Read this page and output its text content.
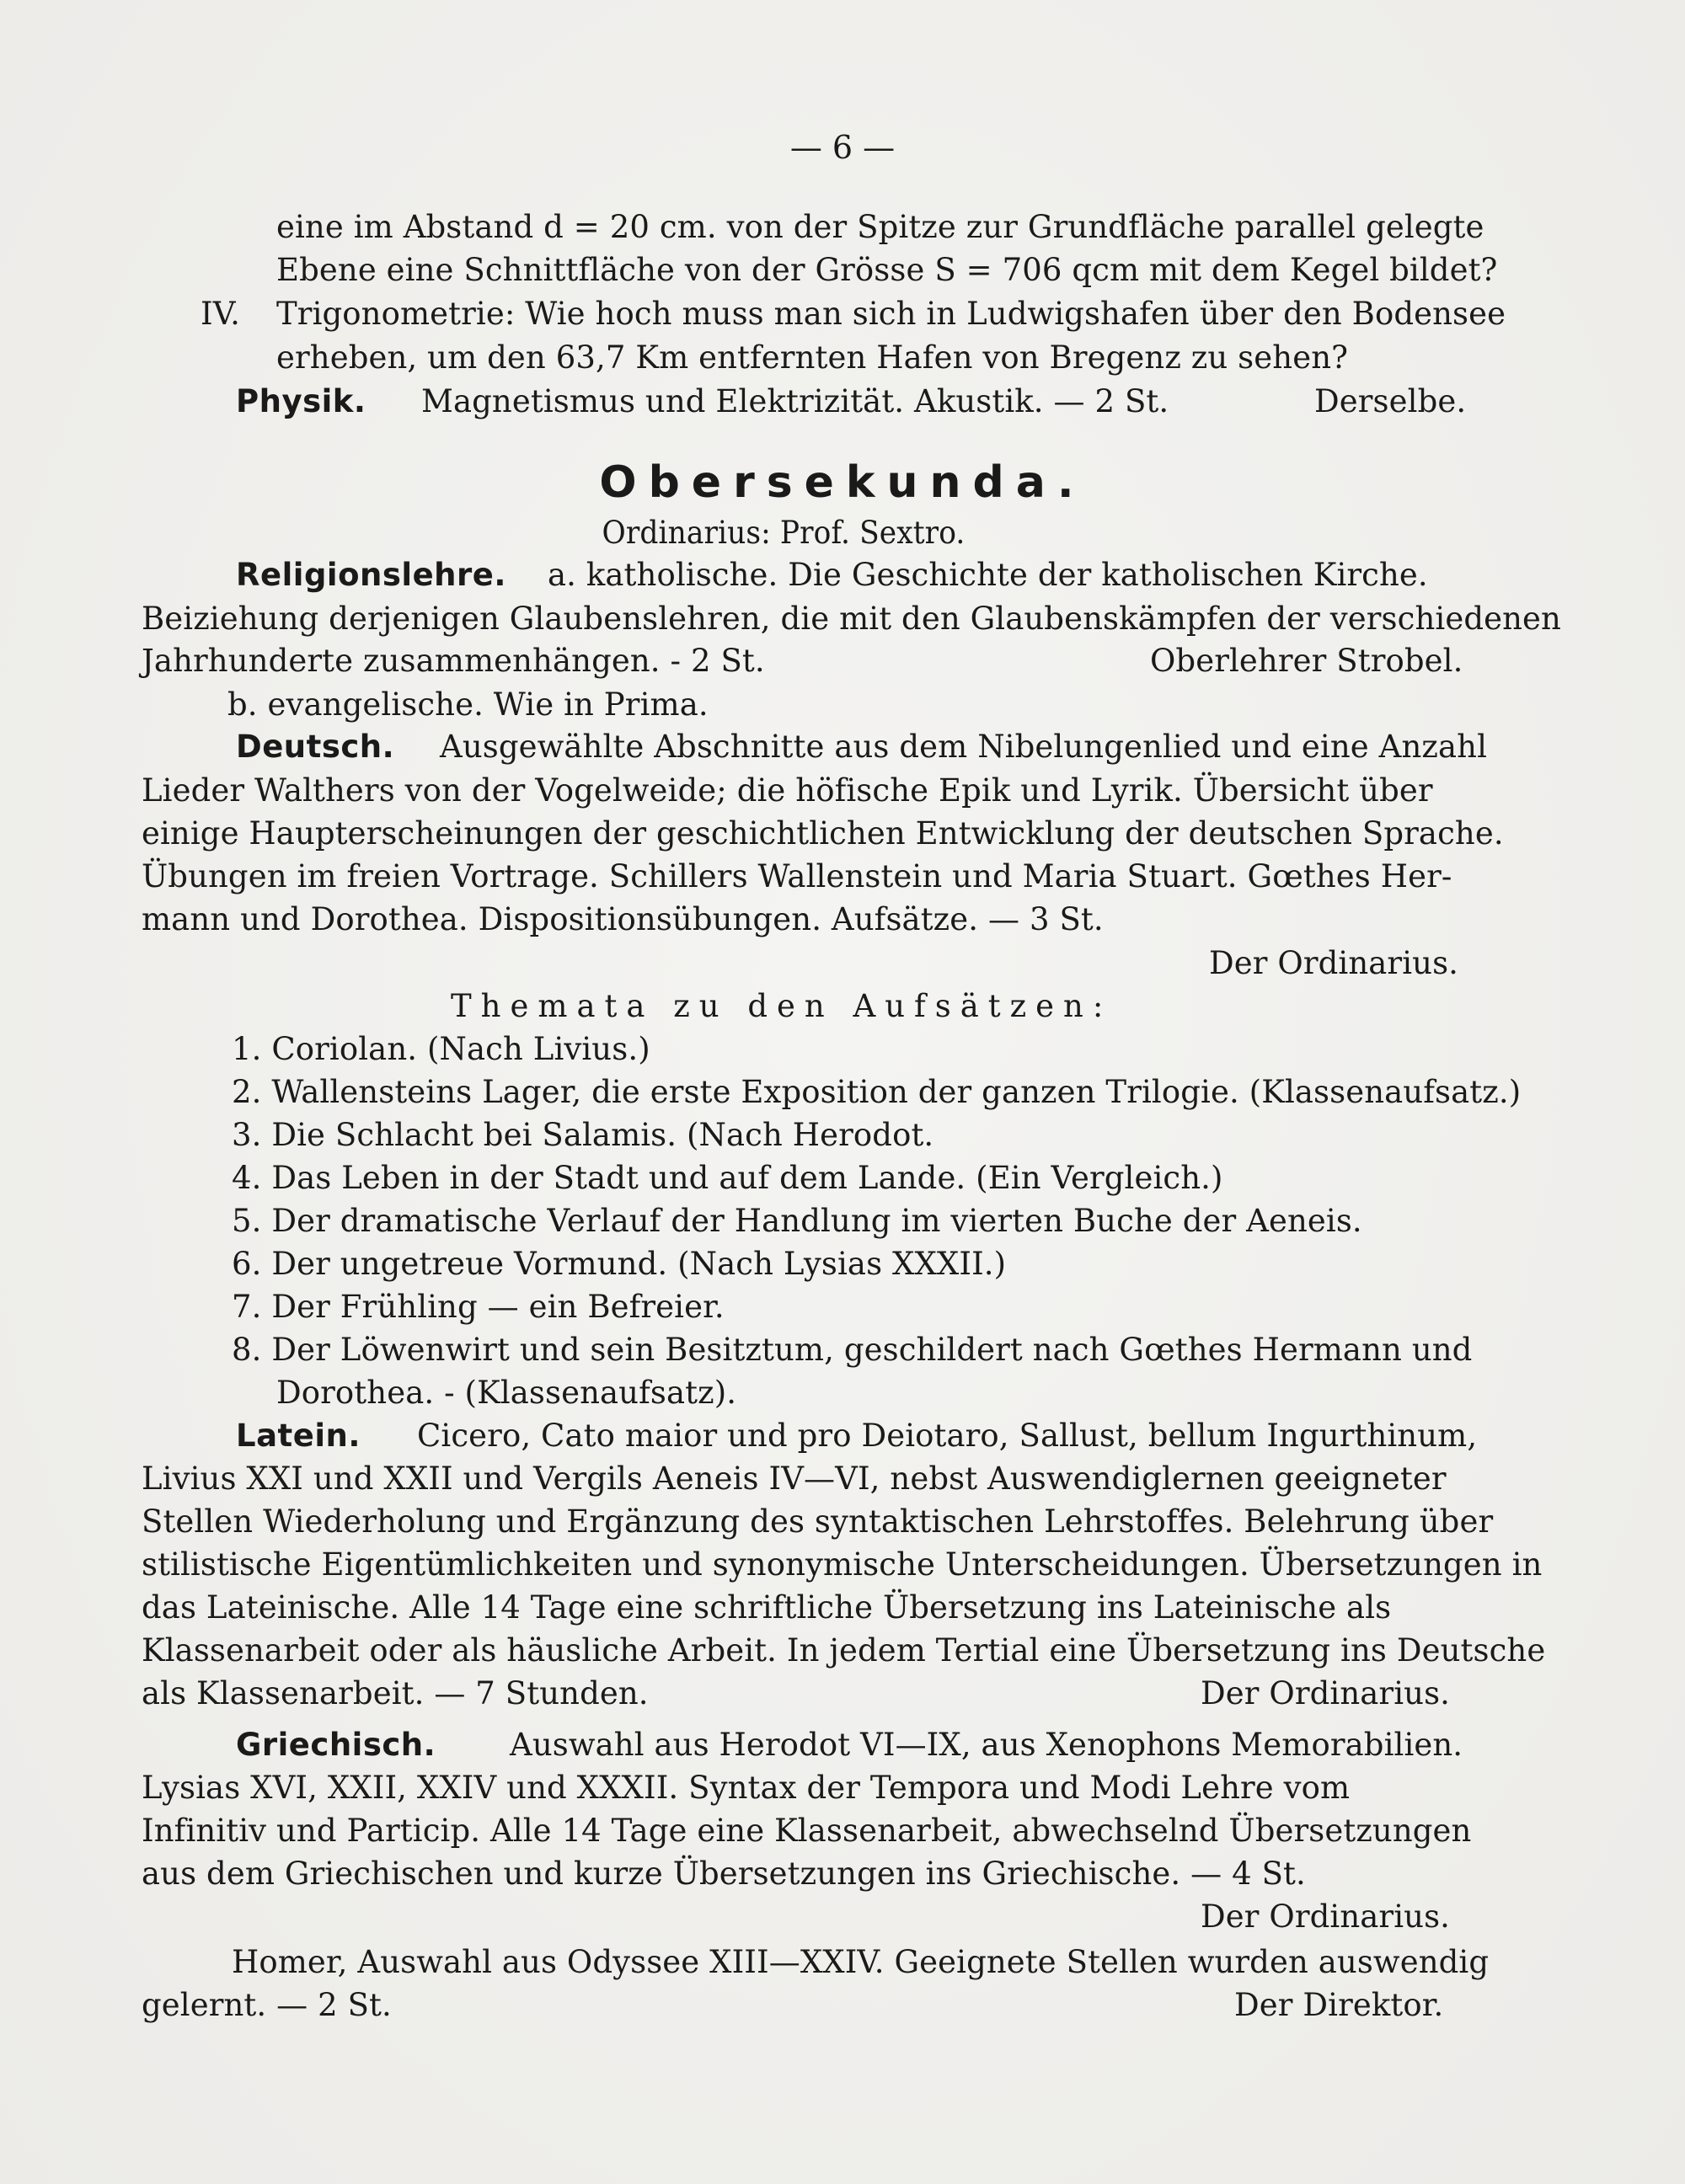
— 6 —
eine im Abstand d = 20 cm. von der Spitze zur Grundfläche parallel gelegte
Ebene eine Schnittfläche von der Grösse S = 706 qcm mit dem Kegel bildet?
IV. Trigonometrie: Wie hoch muss man sich in Ludwigshafen über den Bodensee
erheben, um den 63,7 Km entfernten Hafen von Bregenz zu sehen?
Physik. Magnetismus und Elektrizität. Akustik. — 2 St.	Derselbe.
Obersekunda.
Ordinarius: Prof. Sextro.
Religionslehre. a. katholische. Die Geschichte der katholischen Kirche.
Beiziehung derjenigen Glaubenslehren, die mit den Glaubenskämpfen der verschiedenen
Jahrhunderte zusammenhängen. - 2 St.	Oberlehrer Strobel.
b. evangelische. Wie in Prima.
Deutsch. Ausgewählte Abschnitte aus dem Nibelungenlied und eine Anzahl
Lieder Walthers von der Vogelweide; die höfische Epik und Lyrik. Übersicht über
einige Haupterscheinungen der geschichtlichen Entwicklung der deutschen Sprache.
Übungen im freien Vortrage. Schillers Wallenstein und Maria Stuart. Gœthes Her-
mann und Dorothea. Dispositionsübungen. Aufsätze. — 3 St.
Der Ordinarius.
Themata zu den Aufsätzen:
1. Coriolan. (Nach Livius.)
2. Wallensteins Lager, die erste Exposition der ganzen Trilogie. (Klassenaufsatz.)
3. Die Schlacht bei Salamis. (Nach Herodot.
4. Das Leben in der Stadt und auf dem Lande. (Ein Vergleich.)
5. Der dramatische Verlauf der Handlung im vierten Buche der Aeneis.
6. Der ungetreue Vormund. (Nach Lysias XXXII.)
7. Der Frühling — ein Befreier.
8. Der Löwenwirt und sein Besitztum, geschildert nach Gœthes Hermann und
Dorothea. - (Klassenaufsatz).
Latein. Cicero, Cato maior und pro Deiotaro, Sallust, bellum Ingurthinum,
Livius XXI und XXII und Vergils Aeneis IV—VI, nebst Auswendiglernen geeigneter
Stellen Wiederholung und Ergänzung des syntaktischen Lehrstoffes. Belehrung über
stilistische Eigentümlichkeiten und synonymische Unterscheidungen. Übersetzungen in
das Lateinische. Alle 14 Tage eine schriftliche Übersetzung ins Lateinische als
Klassenarbeit oder als häusliche Arbeit. In jedem Tertial eine Übersetzung ins Deutsche
als Klassenarbeit. — 7 Stunden.	Der Ordinarius.
Griechisch. Auswahl aus Herodot VI—IX, aus Xenophons Memorabilien.
Lysias XVI, XXII, XXIV und XXXII. Syntax der Tempora und Modi Lehre vom
Infinitiv und Particip. Alle 14 Tage eine Klassenarbeit, abwechselnd Übersetzungen
aus dem Griechischen und kurze Übersetzungen ins Griechische. — 4 St.
Der Ordinarius.
Homer, Auswahl aus Odyssee XIII—XXIV. Geeignete Stellen wurden auswendig
gelernt. — 2 St.	Der Direktor.
